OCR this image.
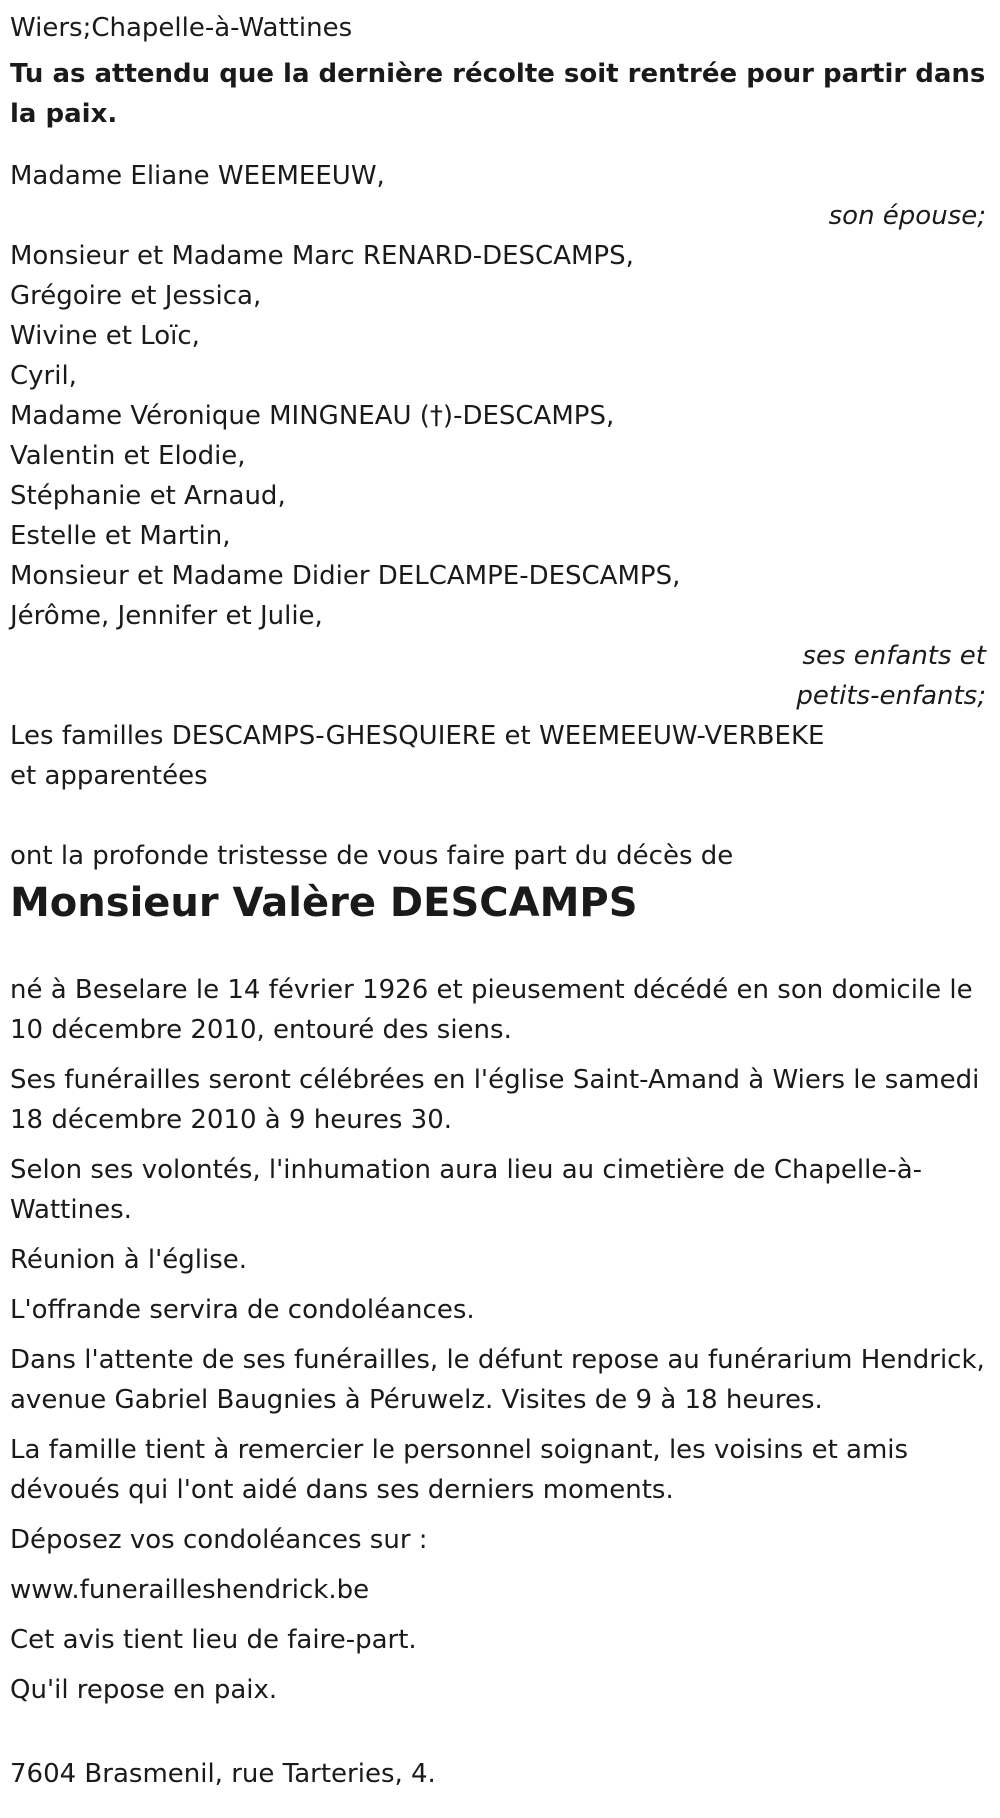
Wiers;Chapelle-à-Wattines

Tu as attendu que la dernière récolte soit rentrée pour partir dans la paix.

Madame Eliane WEEMEEUW,
son épouse;
Monsieur et Madame Marc RENARD-DESCAMPS,
Grégoire et Jessica,
Wivine et Loïc,
Cyril,
Madame Véronique MINGNEAU (†)-DESCAMPS,
Valentin et Elodie,
Stéphanie et Arnaud,
Estelle et Martin,
Monsieur et Madame Didier DELCAMPE-DESCAMPS,
Jérôme, Jennifer et Julie,
ses enfants et
petits-enfants;
Les familles DESCAMPS-GHESQUIERE et WEEMEEUW-VERBEKE
et apparentées

ont la profonde tristesse de vous faire part du décès de

Monsieur Valère DESCAMPS

né à Beselare le 14 février 1926 et pieusement décédé en son domicile le 10 décembre 2010, entouré des siens.

Ses funérailles seront célébrées en l'église Saint-Amand à Wiers le samedi 18 décembre 2010 à 9 heures 30.

Selon ses volontés, l'inhumation aura lieu au cimetière de Chapelle-à-Wattines.

Réunion à l'église.

L'offrande servira de condoléances.

Dans l'attente de ses funérailles, le défunt repose au funérarium Hendrick, avenue Gabriel Baugnies à Péruwelz. Visites de 9 à 18 heures.

La famille tient à remercier le personnel soignant, les voisins et amis dévoués qui l'ont aidé dans ses derniers moments.

Déposez vos condoléances sur :

www.funerailleshendrick.be

Cet avis tient lieu de faire-part.

Qu'il repose en paix.

7604 Brasmenil, rue Tarteries, 4.
